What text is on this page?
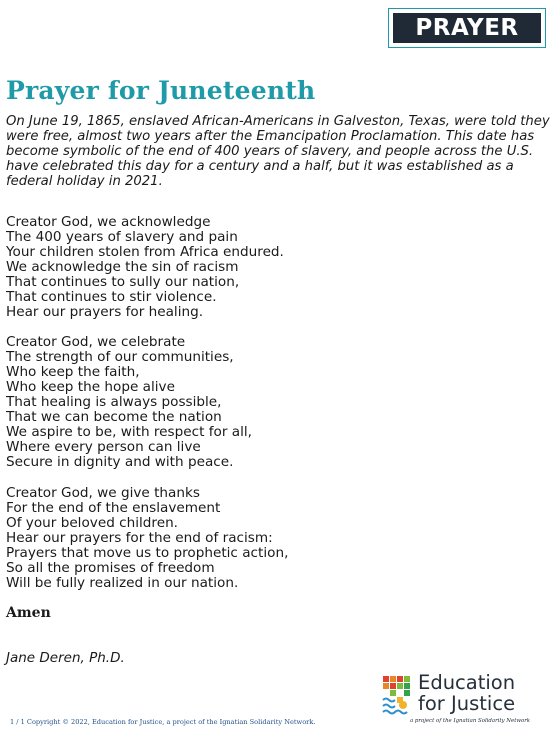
PRAYER
Prayer for Juneteenth

On June 19, 1865, enslaved African-Americans in Galveston, Texas, were told they were free, almost two years after the Emancipation Proclamation. This date has become symbolic of the end of 400 years of slavery, and people across the U.S. have celebrated this day for a century and a half, but it was established as a federal holiday in 2021.

Creator God, we acknowledge
The 400 years of slavery and pain
Your children stolen from Africa endured.
We acknowledge the sin of racism
That continues to sully our nation,
That continues to stir violence.
Hear our prayers for healing.
Creator God, we celebrate
The strength of our communities,
Who keep the faith,
Who keep the hope alive
That healing is always possible,
That we can become the nation
We aspire to be, with respect for all,
Where every person can live
Secure in dignity and with peace.
Creator God, we give thanks
For the end of the enslavement
Of your beloved children.
Hear our prayers for the end of racism:
Prayers that move us to prophetic action,
So all the promises of freedom
Will be fully realized in our nation.

Amen

Jane Deren, Ph.D.

1 / 1 Copyright © 2022, Education for Justice, a project of the Ignatian Solidarity Network.

Education

for Justice

a project of the Ignatian Solidarity Network
